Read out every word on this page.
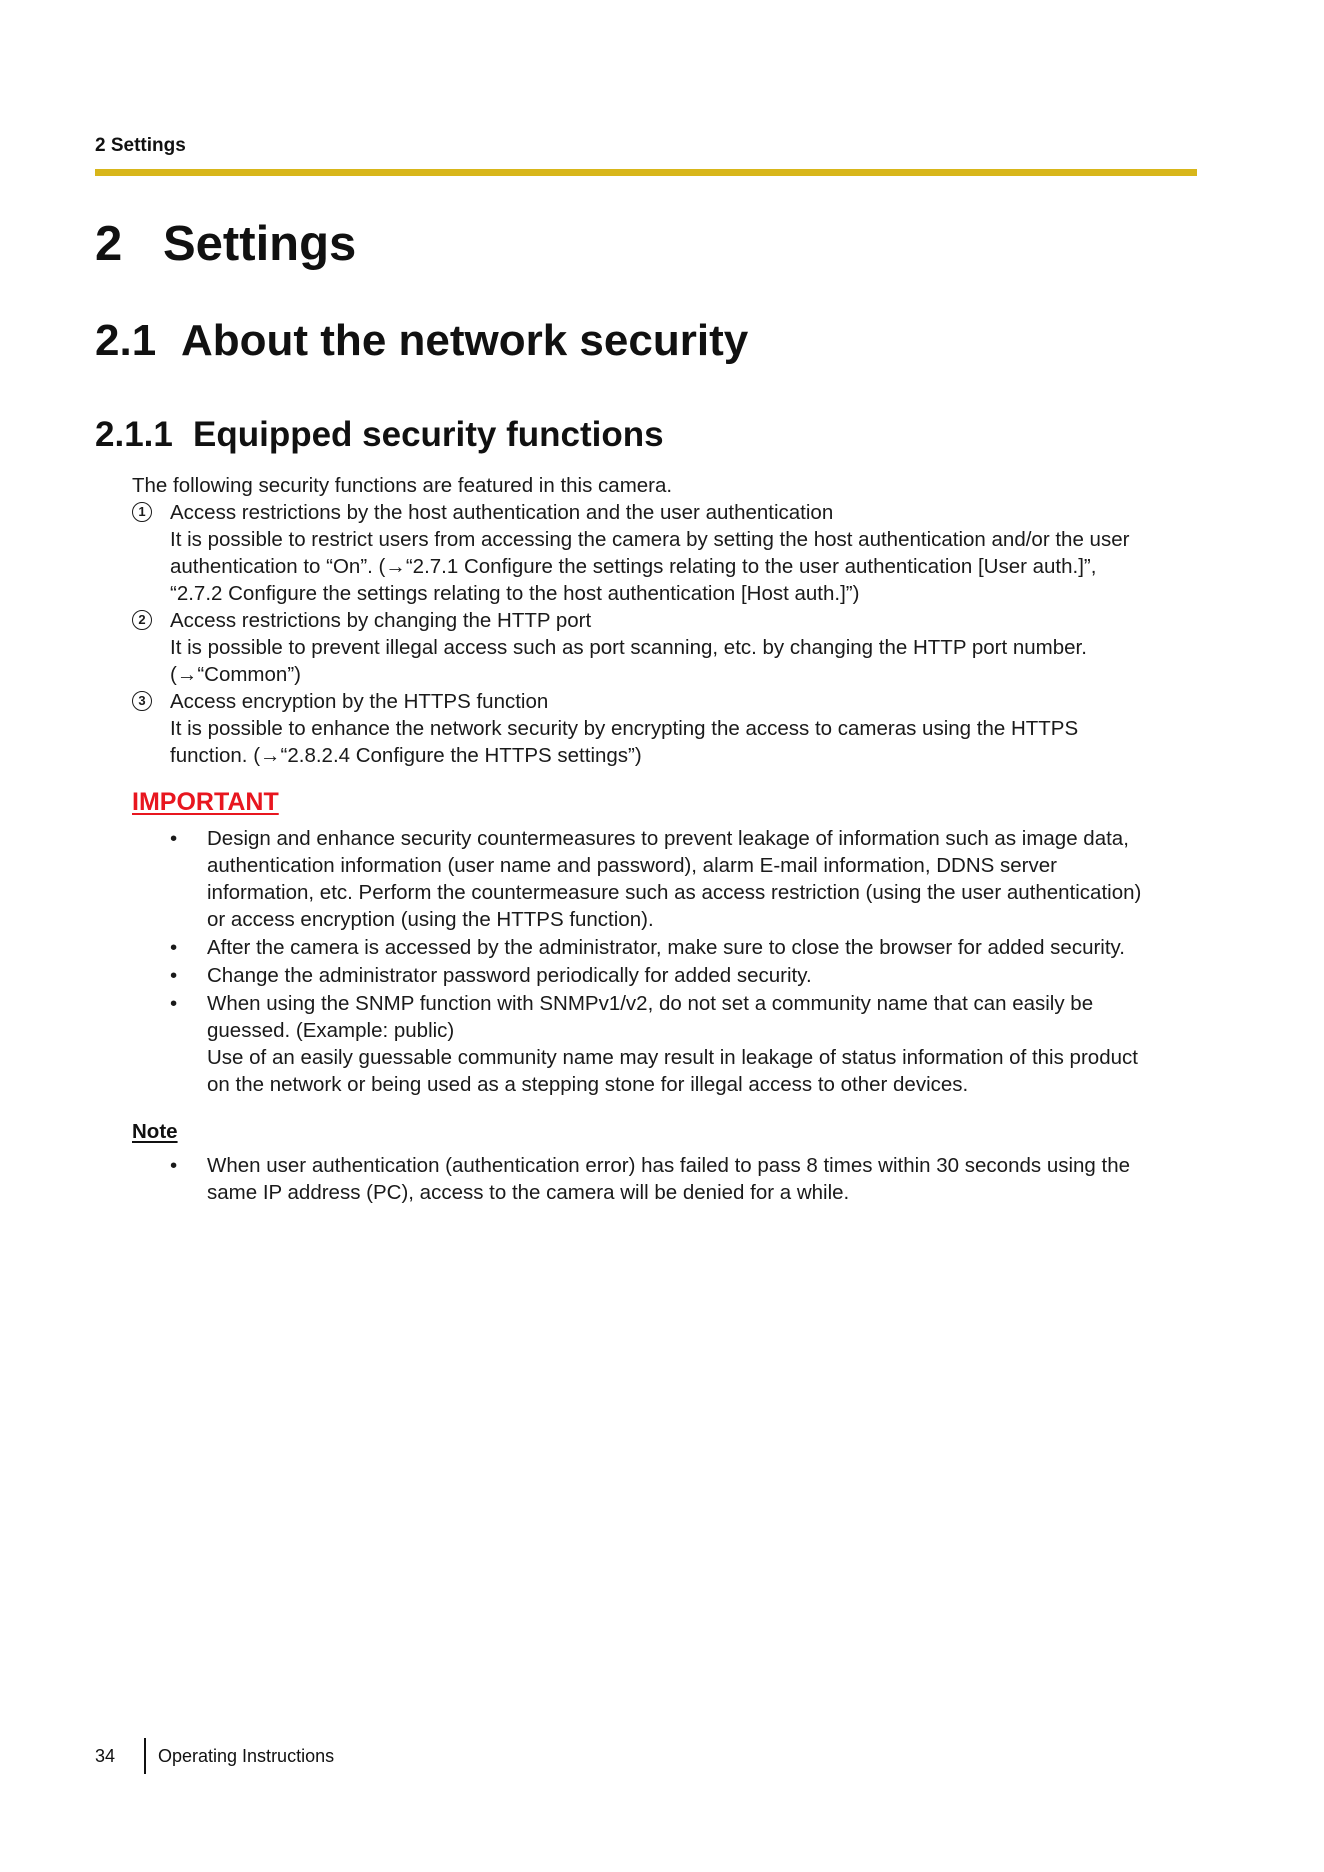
2 Settings
2 Settings
2.1 About the network security
2.1.1 Equipped security functions
The following security functions are featured in this camera.
1	Access restrictions by the host authentication and the user authentication
It is possible to restrict users from accessing the camera by setting the host authentication and/or the user
authentication to “On”. (→“2.7.1 Configure the settings relating to the user authentication [User auth.]”,
“2.7.2 Configure the settings relating to the host authentication [Host auth.]”)
2	Access restrictions by changing the HTTP port
It is possible to prevent illegal access such as port scanning, etc. by changing the HTTP port number.
(→“Common”)
3	Access encryption by the HTTPS function
It is possible to enhance the network security by encrypting the access to cameras using the HTTPS
function. (→“2.8.2.4 Configure the HTTPS settings”)
IMPORTANT
• Design and enhance security countermeasures to prevent leakage of information such as image data,
authentication information (user name and password), alarm E-mail information, DDNS server
information, etc. Perform the countermeasure such as access restriction (using the user authentication)
or access encryption (using the HTTPS function).
• After the camera is accessed by the administrator, make sure to close the browser for added security.
• Change the administrator password periodically for added security.
• When using the SNMP function with SNMPv1/v2, do not set a community name that can easily be
guessed. (Example: public)
Use of an easily guessable community name may result in leakage of status information of this product
on the network or being used as a stepping stone for illegal access to other devices.
Note
• When user authentication (authentication error) has failed to pass 8 times within 30 seconds using the
same IP address (PC), access to the camera will be denied for a while.
34 Operating Instructions
